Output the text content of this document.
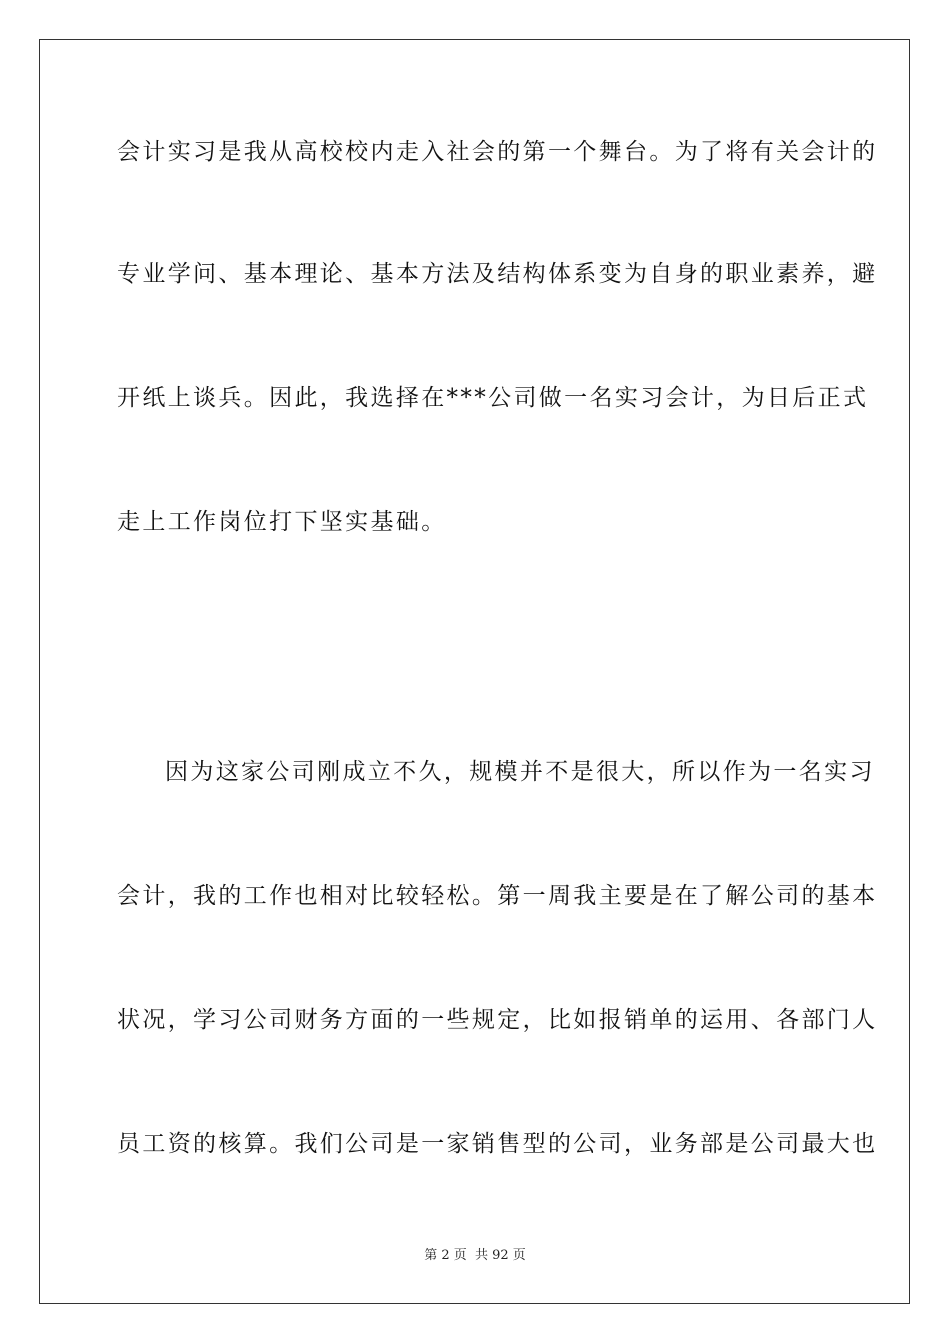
会计实习是我从高校校内走入社会的第一个舞台。为了将有关会计的
专业学问、基本理论、基本方法及结构体系变为自身的职业素养，避
开纸上谈兵。因此，我选择在***公司做一名实习会计，为日后正式
走上工作岗位打下坚实基础。
因为这家公司刚成立不久，规模并不是很大，所以作为一名实习
会计，我的工作也相对比较轻松。第一周我主要是在了解公司的基本
状况，学习公司财务方面的一些规定，比如报销单的运用、各部门人
员工资的核算。我们公司是一家销售型的公司，业务部是公司最大也
第 2 页 共 92 页
